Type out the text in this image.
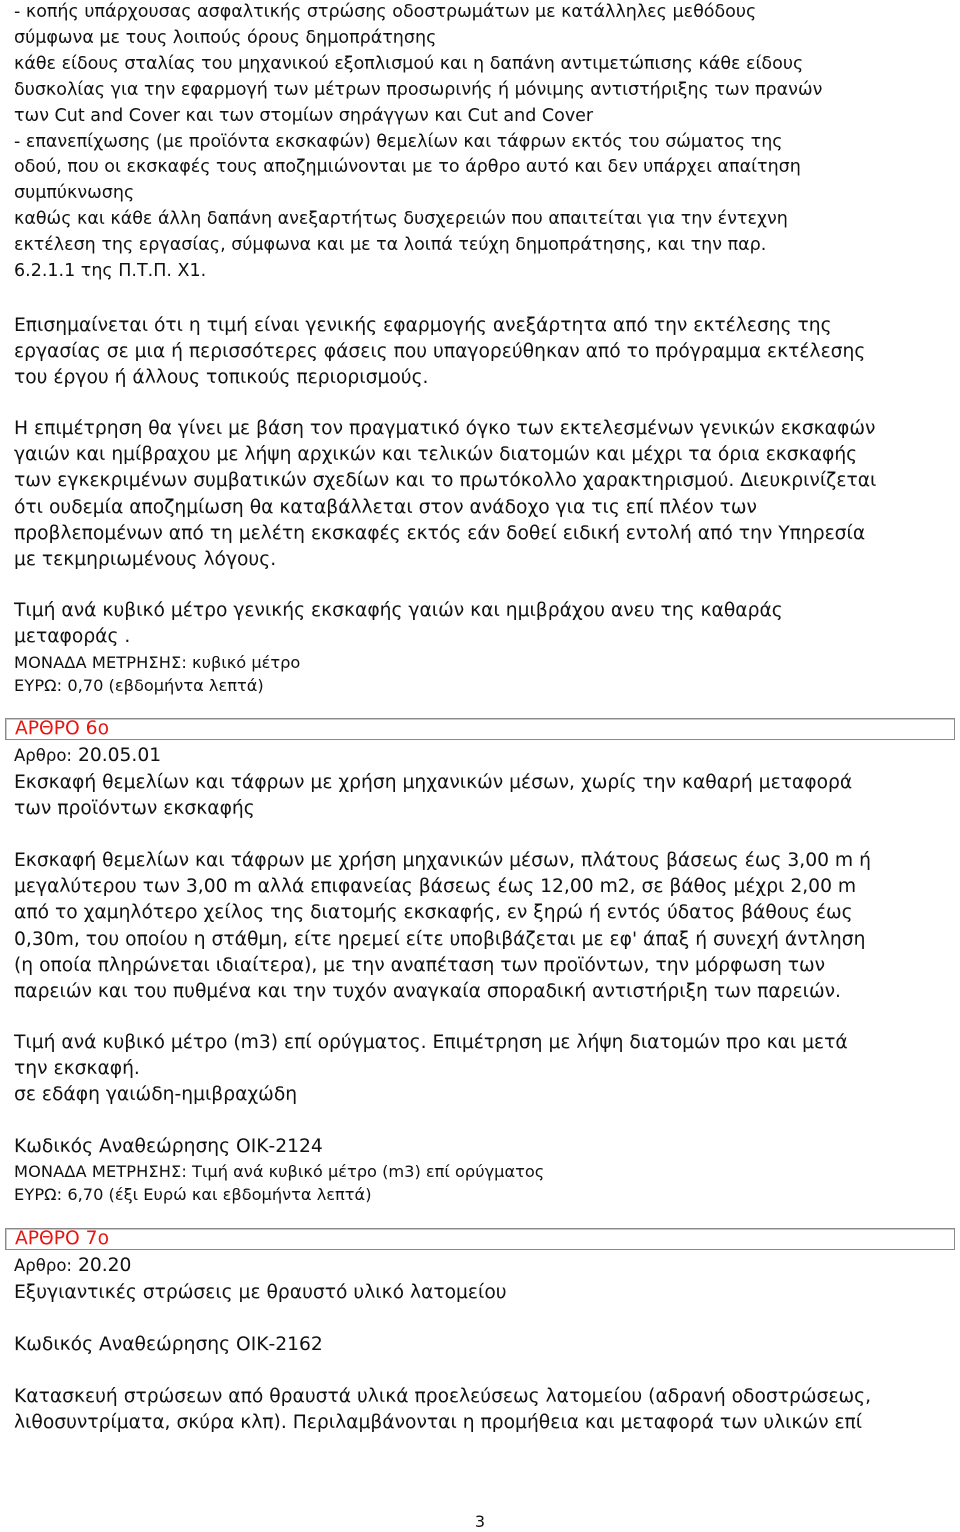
- κοπής υπάρχουσας ασφαλτικής στρώσης οδοστρωμάτων με κατάλληλες μεθόδους
σύμφωνα με τους λοιπούς όρους δημοπράτησης
κάθε είδους σταλίας του μηχανικού εξοπλισμού και η δαπάνη αντιμετώπισης κάθε είδους
δυσκολίας για την εφαρμογή των μέτρων προσωρινής ή μόνιμης αντιστήριξης των πρανών
των Cut and Cover και των στομίων σηράγγων και Cut and Cover
- επανεπίχωσης (με προϊόντα εκσκαφών) θεμελίων και τάφρων εκτός του σώματος της
οδού, που οι εκσκαφές τους αποζημιώνονται με το άρθρο αυτό και δεν υπάρχει απαίτηση
συμπύκνωσης
καθώς και κάθε άλλη δαπάνη ανεξαρτήτως δυσχερειών που απαιτείται για την έντεχνη
εκτέλεση της εργασίας, σύμφωνα και με τα λοιπά τεύχη δημοπράτησης, και την παρ.
6.2.1.1 της Π.Τ.Π. Χ1.
Επισημαίνεται ότι η τιμή είναι γενικής εφαρμογής ανεξάρτητα από την εκτέλεσης της
εργασίας σε μια ή περισσότερες φάσεις που υπαγορεύθηκαν από το πρόγραμμα εκτέλεσης
του έργου ή άλλους τοπικούς περιορισμούς.
Η επιμέτρηση θα γίνει με βάση τον πραγματικό όγκο των εκτελεσμένων γενικών εκσκαφών
γαιών και ημίβραχου με λήψη αρχικών και τελικών διατομών και μέχρι τα όρια εκσκαφής
των εγκεκριμένων συμβατικών σχεδίων και το πρωτόκολλο χαρακτηρισμού. Διευκρινίζεται
ότι ουδεμία αποζημίωση θα καταβάλλεται στον ανάδοχο για τις επί πλέον των
προβλεπομένων από τη μελέτη εκσκαφές εκτός εάν δοθεί ειδική εντολή από την Υπηρεσία
με τεκμηριωμένους λόγους.
Τιμή ανά κυβικό μέτρο γενικής εκσκαφής γαιών και ημιβράχου ανευ της καθαράς
μεταφοράς .
ΜΟΝΑΔΑ ΜΕΤΡΗΣΗΣ: κυβικό μέτρο
ΕΥΡΩ: 0,70 (εβδομήντα λεπτά)
ΑΡΘΡΟ 6ο
Αρθρο: 20.05.01
Εκσκαφή θεμελίων και τάφρων με χρήση μηχανικών μέσων, χωρίς την καθαρή μεταφορά
των προϊόντων εκσκαφής
Εκσκαφή θεμελίων και τάφρων με χρήση μηχανικών μέσων, πλάτους βάσεως έως 3,00 m ή
μεγαλύτερου των 3,00 m αλλά επιφανείας βάσεως έως 12,00 m2, σε βάθος μέχρι 2,00 m
από το χαμηλότερο χείλος της διατομής εκσκαφής, εν ξηρώ ή εντός ύδατος βάθους έως
0,30m, του οποίου η στάθμη, είτε ηρεμεί είτε υποβιβάζεται με εφ' άπαξ ή συνεχή άντληση
(η οποία πληρώνεται ιδιαίτερα), με την αναπέταση των προϊόντων, την μόρφωση των
παρειών και του πυθμένα και την τυχόν αναγκαία σποραδική αντιστήριξη των παρειών.
Τιμή ανά κυβικό μέτρο (m3) επί ορύγματος. Επιμέτρηση με λήψη διατομών προ και μετά
την εκσκαφή.
σε εδάφη γαιώδη-ημιβραχώδη
Κωδικός Αναθεώρησης ΟΙΚ-2124
ΜΟΝΑΔΑ ΜΕΤΡΗΣΗΣ: Τιμή ανά κυβικό μέτρο (m3) επί ορύγματος
ΕΥΡΩ: 6,70 (έξι Ευρώ και εβδομήντα λεπτά)
ΑΡΘΡΟ 7ο
Αρθρο: 20.20
Εξυγιαντικές στρώσεις με θραυστό υλικό λατομείου
Κωδικός Αναθεώρησης ΟΙΚ-2162
Κατασκευή στρώσεων από θραυστά υλικά προελεύσεως λατομείου (αδρανή οδοστρώσεως,
λιθοσυντρίματα, σκύρα κλπ). Περιλαμβάνονται η προμήθεια και μεταφορά των υλικών επί
3
